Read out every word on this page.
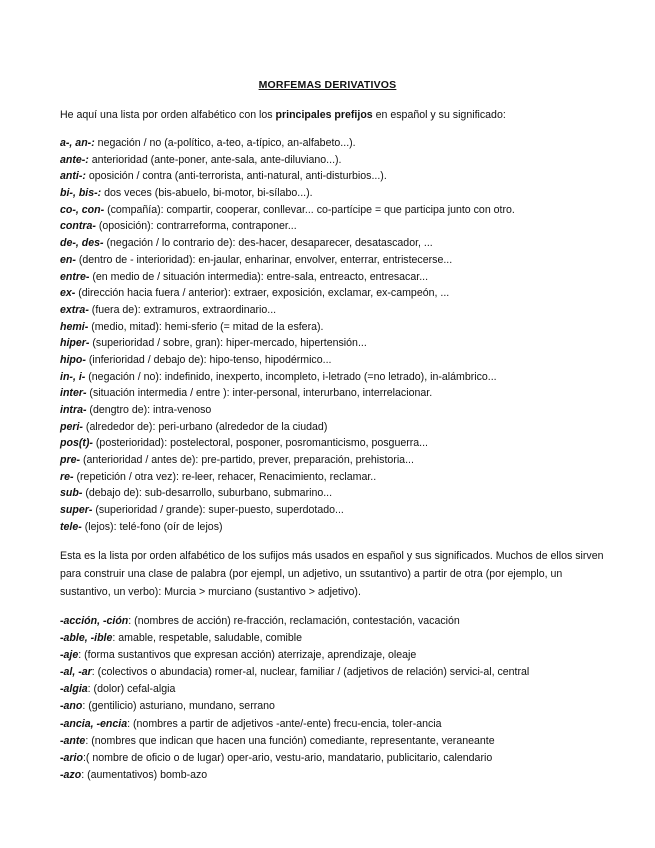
MORFEMAS DERIVATIVOS
He aquí una lista por orden alfabético con los principales prefijos en español y su significado:
a-, an-: negación / no (a-político, a-teo, a-típico, an-alfabeto...).
ante-: anterioridad (ante-poner, ante-sala, ante-diluviano...).
anti-: oposición / contra (anti-terrorista, anti-natural, anti-disturbios...).
bi-, bis-: dos veces (bis-abuelo, bi-motor, bi-sílabo...).
co-, con- (compañía): compartir, cooperar, conllevar... co-partícipe = que participa junto con otro.
contra- (oposición): contrarreforma, contraponer...
de-, des- (negación / lo contrario de): des-hacer, desaparecer, desatascador, ...
en- (dentro de - interioridad): en-jaular, enharinar, envolver, enterrar, entristecerse...
entre- (en medio de / situación intermedia): entre-sala, entreacto, entresacar...
ex- (dirección hacia fuera / anterior): extraer, exposición, exclamar, ex-campeón, ...
extra- (fuera de): extramuros, extraordinario...
hemi- (medio, mitad): hemi-sferio (= mitad de la esfera).
hiper- (superioridad / sobre, gran): hiper-mercado, hipertensión...
hipo- (inferioridad / debajo de): hipo-tenso, hipodérmico...
in-, i- (negación / no): indefinido, inexperto, incompleto, i-letrado (=no letrado), in-alámbrico...
inter- (situación intermedia / entre ): inter-personal, interurbano, interrelacionar.
intra- (dengtro de): intra-venoso
peri- (alrededor de): peri-urbano (alrededor de la ciudad)
pos(t)- (posterioridad): postelectoral, posponer, posromanticismo, posguerra...
pre- (anterioridad / antes de): pre-partido, prever, preparación, prehistoria...
re- (repetición / otra vez): re-leer, rehacer, Renacimiento, reclamar..
sub- (debajo de): sub-desarrollo, suburbano, submarino...
super- (superioridad / grande): super-puesto, superdotado...
tele- (lejos): telé-fono (oír de lejos)
Esta es la lista por orden alfabético de los sufijos más usados en español y sus significados. Muchos de ellos sirven para construir una clase de palabra (por ejempl, un adjetivo, un ssutantivo) a partir de otra (por ejemplo, un sustantivo, un verbo): Murcia > murciano (sustantivo > adjetivo).
-acción, -ción: (nombres de acción) re-fracción, reclamación, contestación, vacación
-able, -ible: amable, respetable, saludable, comible
-aje: (forma sustantivos que expresan acción) aterrizaje, aprendizaje, oleaje
-al, -ar: (colectivos o abundacia) romer-al, nuclear, familiar / (adjetivos de relación) servici-al, central
-algia: (dolor) cefal-algia
-ano: (gentilicio) asturiano, mundano, serrano
-ancia, -encia: (nombres a partir de adjetivos -ante/-ente) frecu-encia, toler-ancia
-ante: (nombres que indican que hacen una función) comediante, representante, veraneante
-ario:( nombre de oficio o de lugar) oper-ario, vestu-ario, mandatario, publicitario, calendario
-azo: (aumentativos) bomb-azo
